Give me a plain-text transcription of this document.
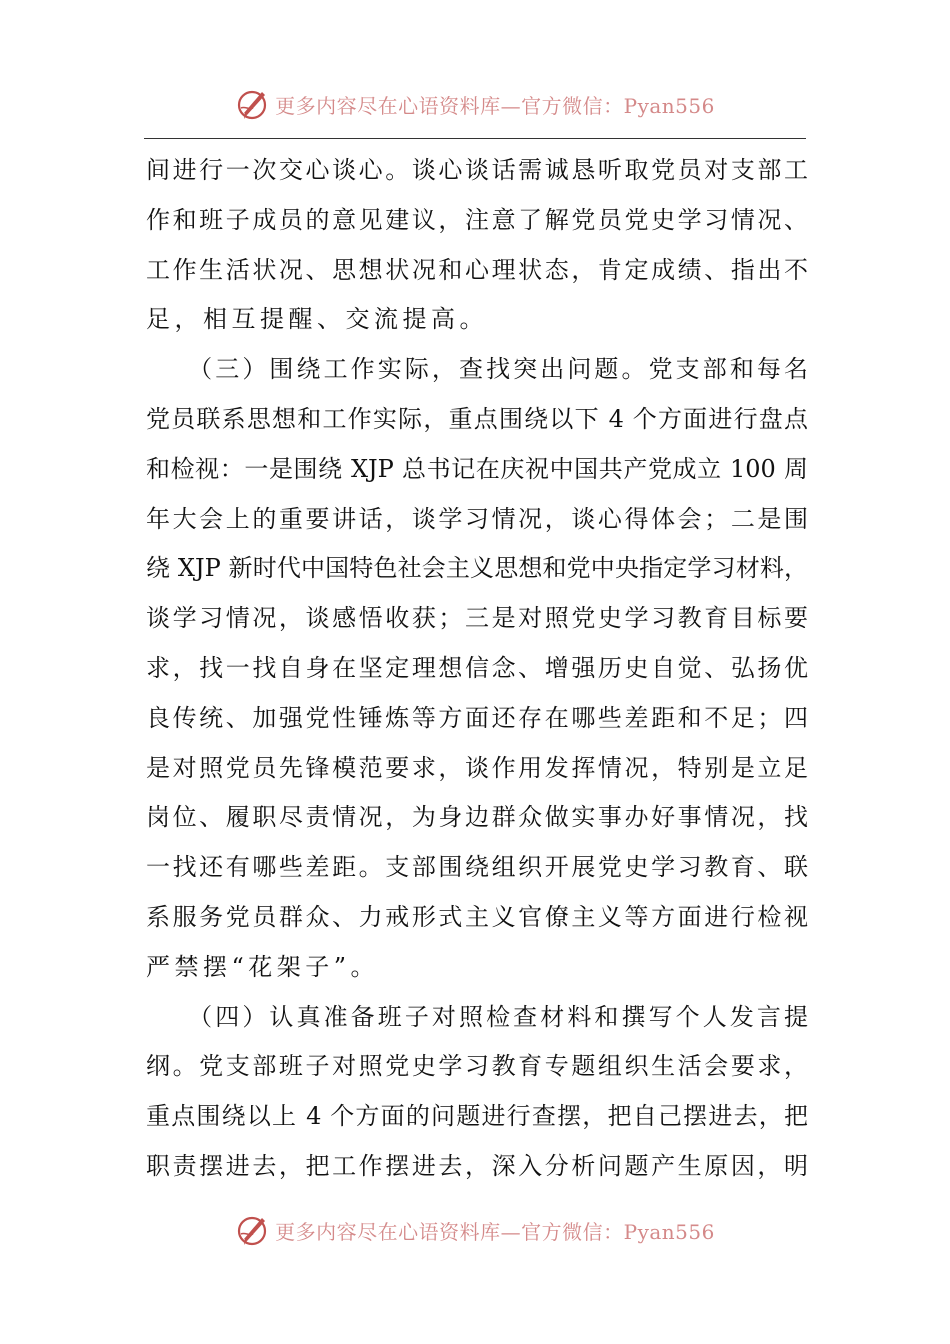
更多内容尽在心语资料库—官方微信：Pyan556
间进行一次交心谈心。谈心谈话需诚恳听取党员对支部工
作和班子成员的意见建议，注意了解党员党史学习情况、
工作生活状况、思想状况和心理状态，肯定成绩、指出不
足，相互提醒、交流提高。
　　（三）围绕工作实际，查找突出问题。党支部和每名
党员联系思想和工作实际，重点围绕以下 4 个方面进行盘点
和检视：一是围绕 XJP 总书记在庆祝中国共产党成立 100 周
年大会上的重要讲话，谈学习情况，谈心得体会；二是围
绕 XJP 新时代中国特色社会主义思想和党中央指定学习材料，
谈学习情况，谈感悟收获；三是对照党史学习教育目标要
求，找一找自身在坚定理想信念、增强历史自觉、弘扬优
良传统、加强党性锤炼等方面还存在哪些差距和不足；四
是对照党员先锋模范要求，谈作用发挥情况，特别是立足
岗位、履职尽责情况，为身边群众做实事办好事情况，找
一找还有哪些差距。支部围绕组织开展党史学习教育、联
系服务党员群众、力戒形式主义官僚主义等方面进行检视
严禁摆“花架子”。
　　（四）认真准备班子对照检查材料和撰写个人发言提
纲。党支部班子对照党史学习教育专题组织生活会要求，
重点围绕以上 4 个方面的问题进行查摆，把自己摆进去，把
职责摆进去，把工作摆进去，深入分析问题产生原因，明
更多内容尽在心语资料库—官方微信：Pyan556
